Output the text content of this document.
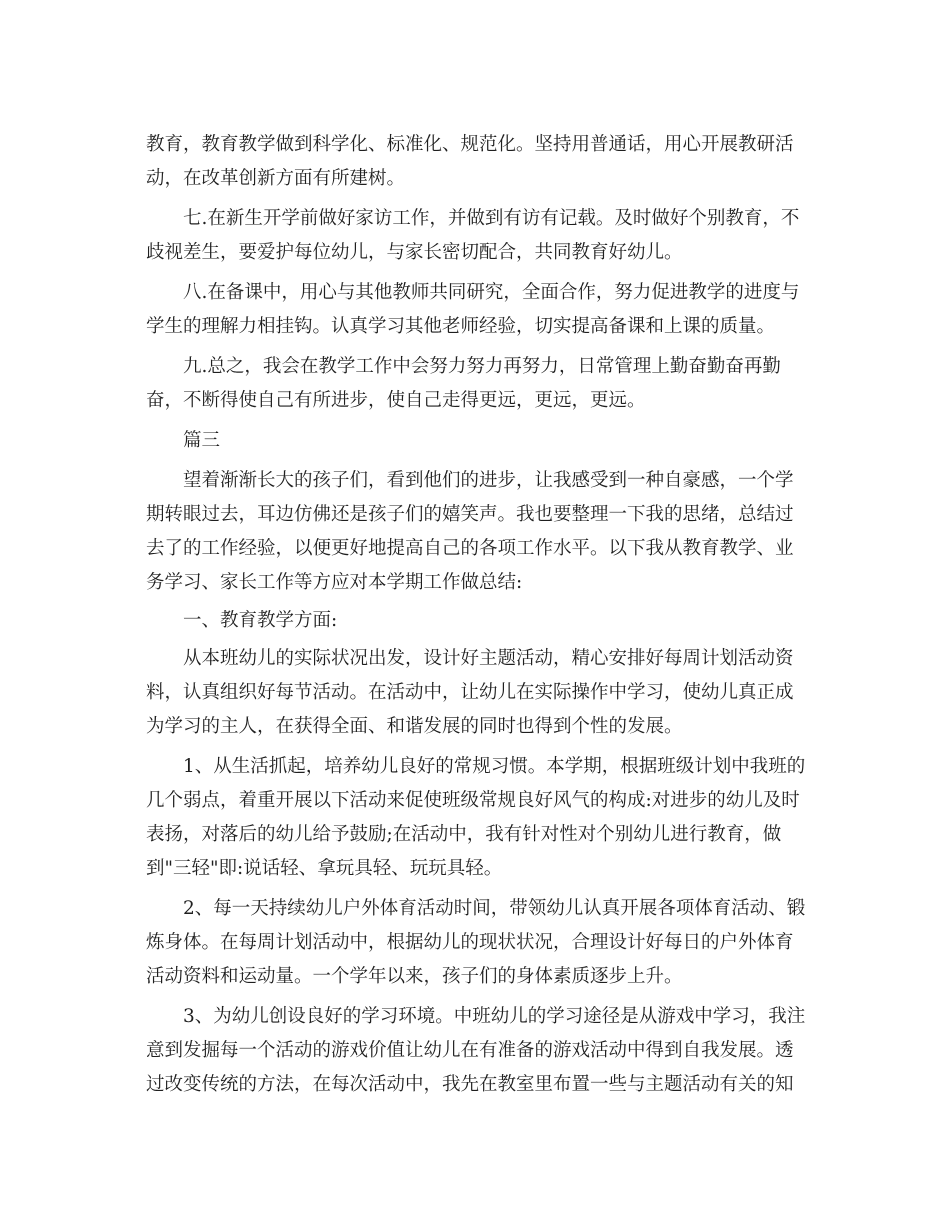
教育，教育教学做到科学化、标准化、规范化。坚持用普通话，用心开展教研活
动，在改革创新方面有所建树。
七.在新生开学前做好家访工作，并做到有访有记载。及时做好个别教育，不
歧视差生，要爱护每位幼儿，与家长密切配合，共同教育好幼儿。
八.在备课中，用心与其他教师共同研究，全面合作，努力促进教学的进度与
学生的理解力相挂钩。认真学习其他老师经验，切实提高备课和上课的质量。
九.总之，我会在教学工作中会努力努力再努力，日常管理上勤奋勤奋再勤
奋，不断得使自己有所进步，使自己走得更远，更远，更远。
篇三
望着渐渐长大的孩子们，看到他们的进步，让我感受到一种自豪感，一个学
期转眼过去，耳边仿佛还是孩子们的嬉笑声。我也要整理一下我的思绪，总结过
去了的工作经验，以便更好地提高自己的各项工作水平。以下我从教育教学、业
务学习、家长工作等方应对本学期工作做总结:
一、教育教学方面:
从本班幼儿的实际状况出发，设计好主题活动，精心安排好每周计划活动资
料，认真组织好每节活动。在活动中，让幼儿在实际操作中学习，使幼儿真正成
为学习的主人，在获得全面、和谐发展的同时也得到个性的发展。
1、从生活抓起，培养幼儿良好的常规习惯。本学期，根据班级计划中我班的
几个弱点，着重开展以下活动来促使班级常规良好风气的构成:对进步的幼儿及时
表扬，对落后的幼儿给予鼓励;在活动中，我有针对性对个别幼儿进行教育，做
到"三轻"即:说话轻、拿玩具轻、玩玩具轻。
2、每一天持续幼儿户外体育活动时间，带领幼儿认真开展各项体育活动、锻
炼身体。在每周计划活动中，根据幼儿的现状状况，合理设计好每日的户外体育
活动资料和运动量。一个学年以来，孩子们的身体素质逐步上升。
3、为幼儿创设良好的学习环境。中班幼儿的学习途径是从游戏中学习，我注
意到发掘每一个活动的游戏价值让幼儿在有准备的游戏活动中得到自我发展。透
过改变传统的方法，在每次活动中，我先在教室里布置一些与主题活动有关的知
